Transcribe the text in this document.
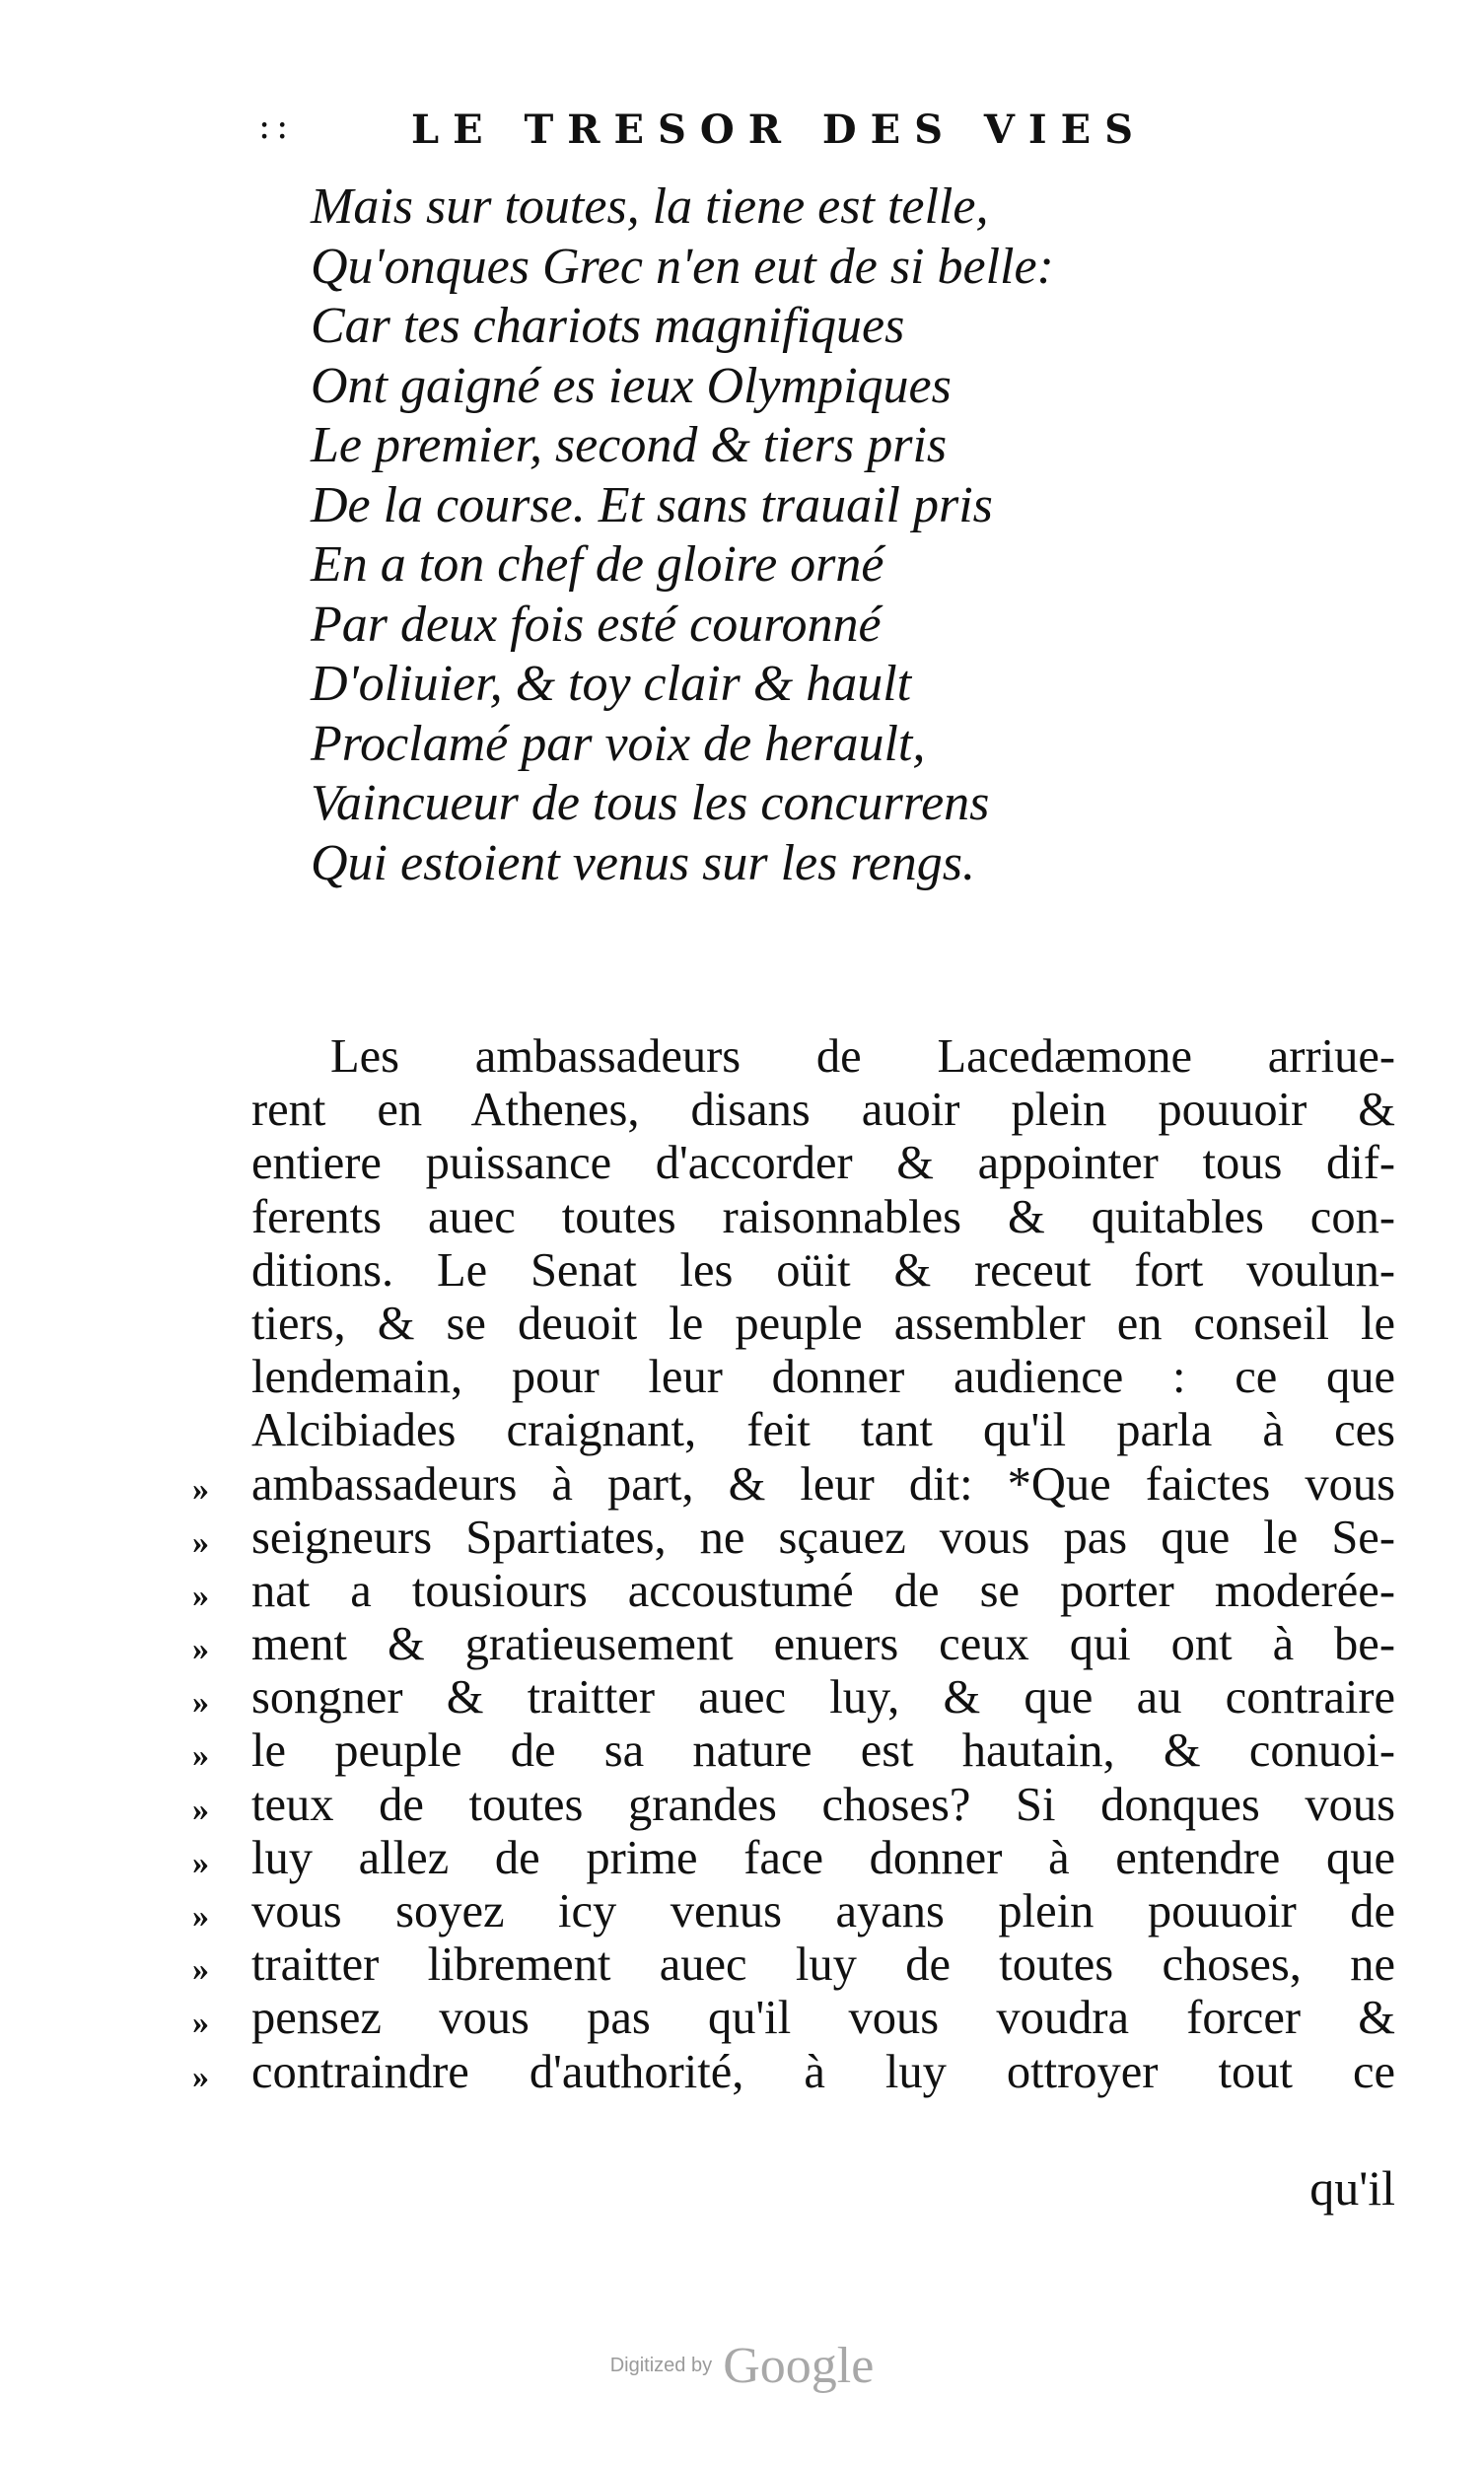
::	LE TRESOR DES VIES
Mais sur toutes, la tiene est telle,
Qu'onques Grec n'en eut de si belle:
Car tes chariots magnifiques
Ont gaigné es ieux Olympiques
Le premier, second & tiers pris
De la course. Et sans trauail pris
En a ton chef de gloire orné
Par deux fois esté couronné
D'oliuier, & toy clair & hault
Proclamé par voix de herault,
Vaincueur de tous les concurrens
Qui estoient venus sur les rengs.
Les ambassadeurs de Lacedæmone arriue-
rent en Athenes, disans auoir plein pouuoir &
entiere puissance d'accorder & appointer tous dif-
ferents auec toutes raisonnables & quitables con-
ditions. Le Senat les oüit & receut fort voulun-
tiers, & se deuoit le peuple assembler en conseil le
lendemain, pour leur donner audience : ce que
Alcibiades craignant, feit tant qu'il parla à ces
» ambassadeurs à part, & leur dit: *Que faictes vous
» seigneurs Spartiates, ne sçauez vous pas que le Se-
» nat a tousiours accoustumé de se porter moderée-
» ment & gratieusement enuers ceux qui ont à be-
» songner & traitter auec luy, & que au contraire
» le peuple de sa nature est hautain, & conuoi-
» teux de toutes grandes choses? Si donques vous
» luy allez de prime face donner à entendre que
» vous soyez icy venus ayans plein pouuoir de
» traitter librement auec luy de toutes choses, ne
» pensez vous pas qu'il vous voudra forcer &
» contraindre d'authorité, à luy ottroyer tout ce
qu'il
Digitized by Google
